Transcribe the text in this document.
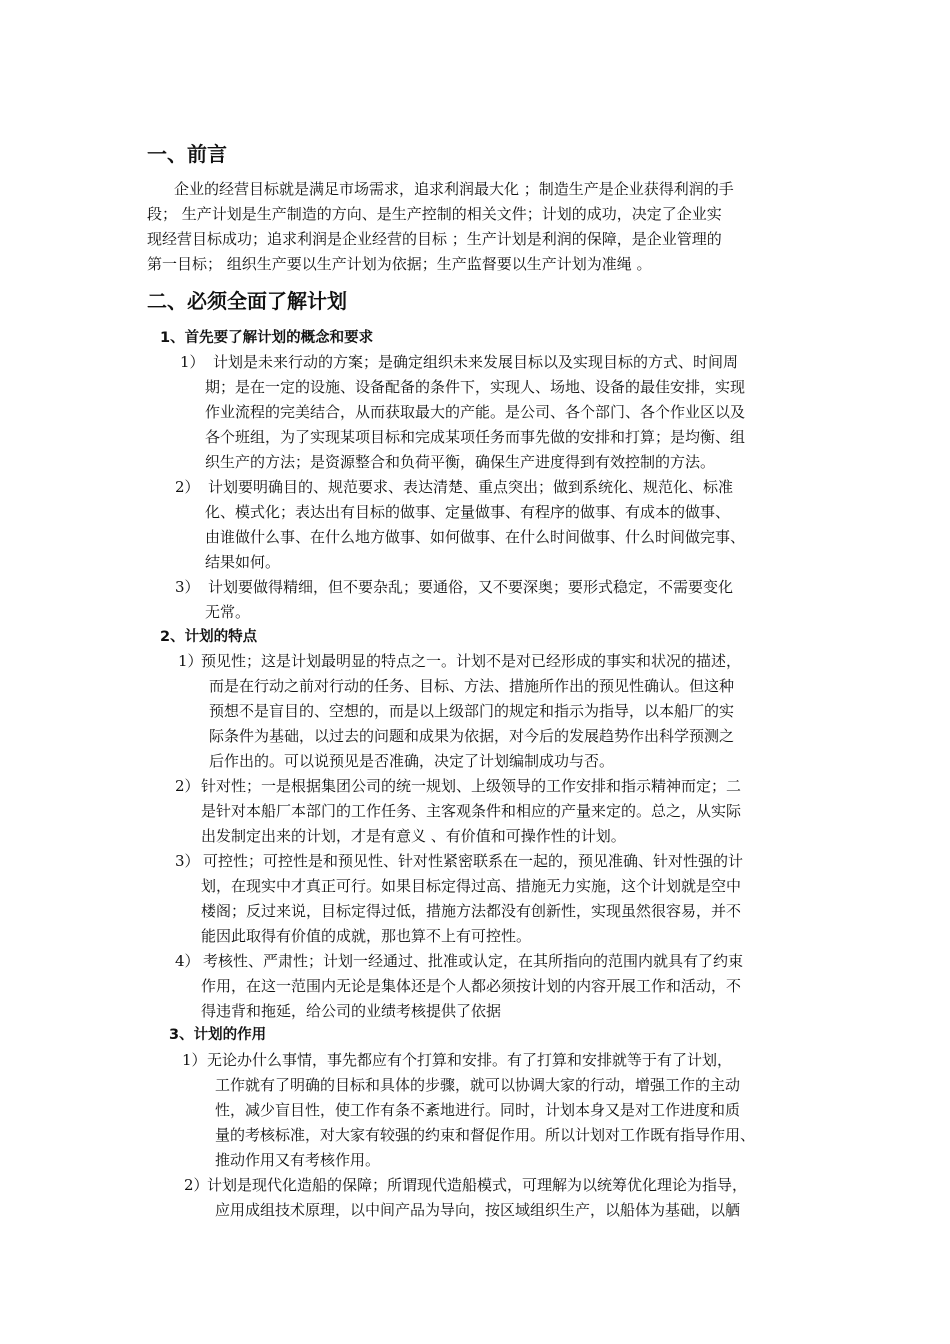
一、前言
企业的经营目标就是满足市场需求，追求利润最大化 ；制造生产是企业获得利润的手
段； 生产计划是生产制造的方向、是生产控制的相关文件；计划的成功，决定了企业实
现经营目标成功；追求利润是企业经营的目标 ；生产计划是利润的保障，是企业管理的
第一目标； 组织生产要以生产计划为依据；生产监督要以生产计划为准绳 。
二、必须全面了解计划
1、首先要了解计划的概念和要求
1） 计划是未来行动的方案；是确定组织未来发展目标以及实现目标的方式、时间周
期；是在一定的设施、设备配备的条件下，实现人、场地、设备的最佳安排，实现
作业流程的完美结合，从而获取最大的产能。是公司、各个部门、各个作业区以及
各个班组，为了实现某项目标和完成某项任务而事先做的安排和打算；是均衡、组
织生产的方法；是资源整合和负荷平衡，确保生产进度得到有效控制的方法。
2） 计划要明确目的、规范要求、表达清楚、重点突出；做到系统化、规范化、标准
化、模式化；表达出有目标的做事、定量做事、有程序的做事、有成本的做事、
由谁做什么事、在什么地方做事、如何做事、在什么时间做事、什么时间做完事、
结果如何。
3） 计划要做得精细，但不要杂乱；要通俗，又不要深奥；要形式稳定，不需要变化
无常。
2、计划的特点
1）
预见性；这是计划最明显的特点之一。计划不是对已经形成的事实和状况的描述，
而是在行动之前对行动的任务、目标、方法、措施所作出的预见性确认。但这种
预想不是盲目的、空想的，而是以上级部门的规定和指示为指导，以本船厂的实
际条件为基础，以过去的问题和成果为依据，对今后的发展趋势作出科学预测之
后作出的。可以说预见是否准确，决定了计划编制成功与否。
2） 针对性；一是根据集团公司的统一规划、上级领导的工作安排和指示精神而定；二
是针对本船厂本部门的工作任务、主客观条件和相应的产量来定的。总之，从实际
出发制定出来的计划，才是有意义 、有价值和可操作性的计划。
3） 可控性；可控性是和预见性、针对性紧密联系在一起的，预见准确、针对性强的计
划，在现实中才真正可行。如果目标定得过高、措施无力实施，这个计划就是空中
楼阁；反过来说，目标定得过低，措施方法都没有创新性，实现虽然很容易，并不
能因此取得有价值的成就，那也算不上有可控性。
4） 考核性、严肃性；计划一经通过、批准或认定，在其所指向的范围内就具有了约束
作用，在这一范围内无论是集体还是个人都必须按计划的内容开展工作和活动，不
得违背和拖延，给公司的业绩考核提供了依据
3、计划的作用
1） 无论办什么事情，事先都应有个打算和安排。有了打算和安排就等于有了计划，
工作就有了明确的目标和具体的步骤，就可以协调大家的行动，增强工作的主动
性，减少盲目性，使工作有条不紊地进行。同时，计划本身又是对工作进度和质
量的考核标准，对大家有较强的约束和督促作用。所以计划对工作既有指导作用、
推动作用又有考核作用。
2）
计划是现代化造船的保障；所谓现代造船模式，可理解为以统筹优化理论为指导，
应用成组技术原理，以中间产品为导向，按区域组织生产，以船体为基础，以舾
